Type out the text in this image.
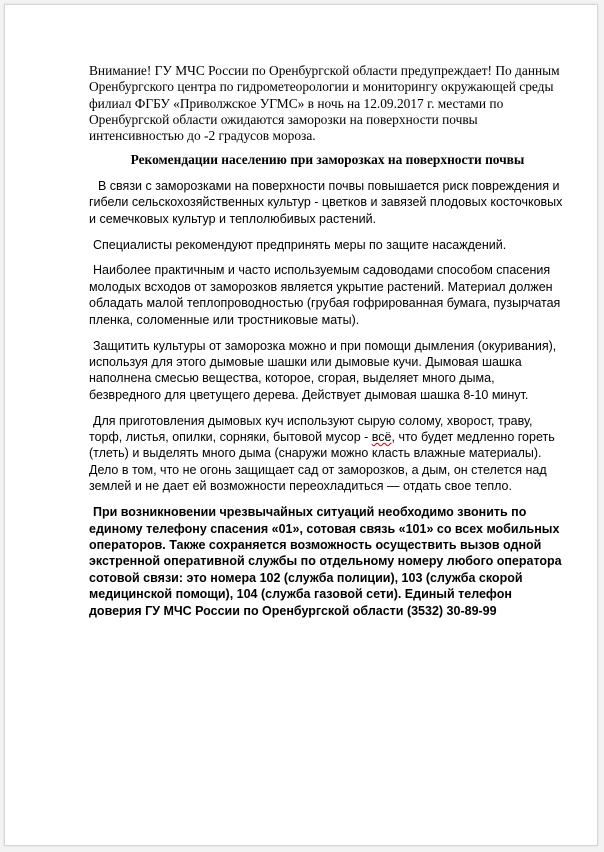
Внимание! ГУ МЧС России по Оренбургской области предупреждает! По данным Оренбургского центра по гидрометеорологии и мониторингу окружающей среды филиал ФГБУ «Приволжское УГМС» в ночь на 12.09.2017 г. местами по Оренбургской области ожидаются заморозки на поверхности почвы интенсивностью до -2 градусов мороза.

Рекомендации населению при заморозках на поверхности почвы

В связи с заморозками на поверхности почвы повышается риск повреждения и гибели сельскохозяйственных культур - цветков и завязей плодовых косточковых и семечковых культур и теплолюбивых растений.

Специалисты рекомендуют предпринять меры по защите насаждений.

Наиболее практичным и часто используемым садоводами способом спасения молодых всходов от заморозков является укрытие растений. Материал должен обладать малой теплопроводностью (грубая гофрированная бумага, пузырчатая пленка, соломенные или тростниковые маты).

Защитить культуры от заморозка можно и при помощи дымления (окуривания), используя для этого дымовые шашки или дымовые кучи. Дымовая шашка наполнена смесью вещества, которое, сгорая, выделяет много дыма, безвредного для цветущего дерева. Действует дымовая шашка 8-10 минут.

Для приготовления дымовых куч используют сырую солому, хворост, траву, торф, листья, опилки, сорняки, бытовой мусор - всё, что будет медленно гореть (тлеть) и выделять много дыма (снаружи можно класть влажные материалы). Дело в том, что не огонь защищает сад от заморозков, а дым, он стелется над землей и не дает ей возможности переохладиться — отдать свое тепло.

При возникновении чрезвычайных ситуаций необходимо звонить по единому телефону спасения «01», сотовая связь «101» со всех мобильных операторов. Также сохраняется возможность осуществить вызов одной экстренной оперативной службы по отдельному номеру любого оператора сотовой связи: это номера 102 (служба полиции), 103 (служба скорой медицинской помощи), 104 (служба газовой сети). Единый телефон доверия ГУ МЧС России по Оренбургской области (3532) 30-89-99
